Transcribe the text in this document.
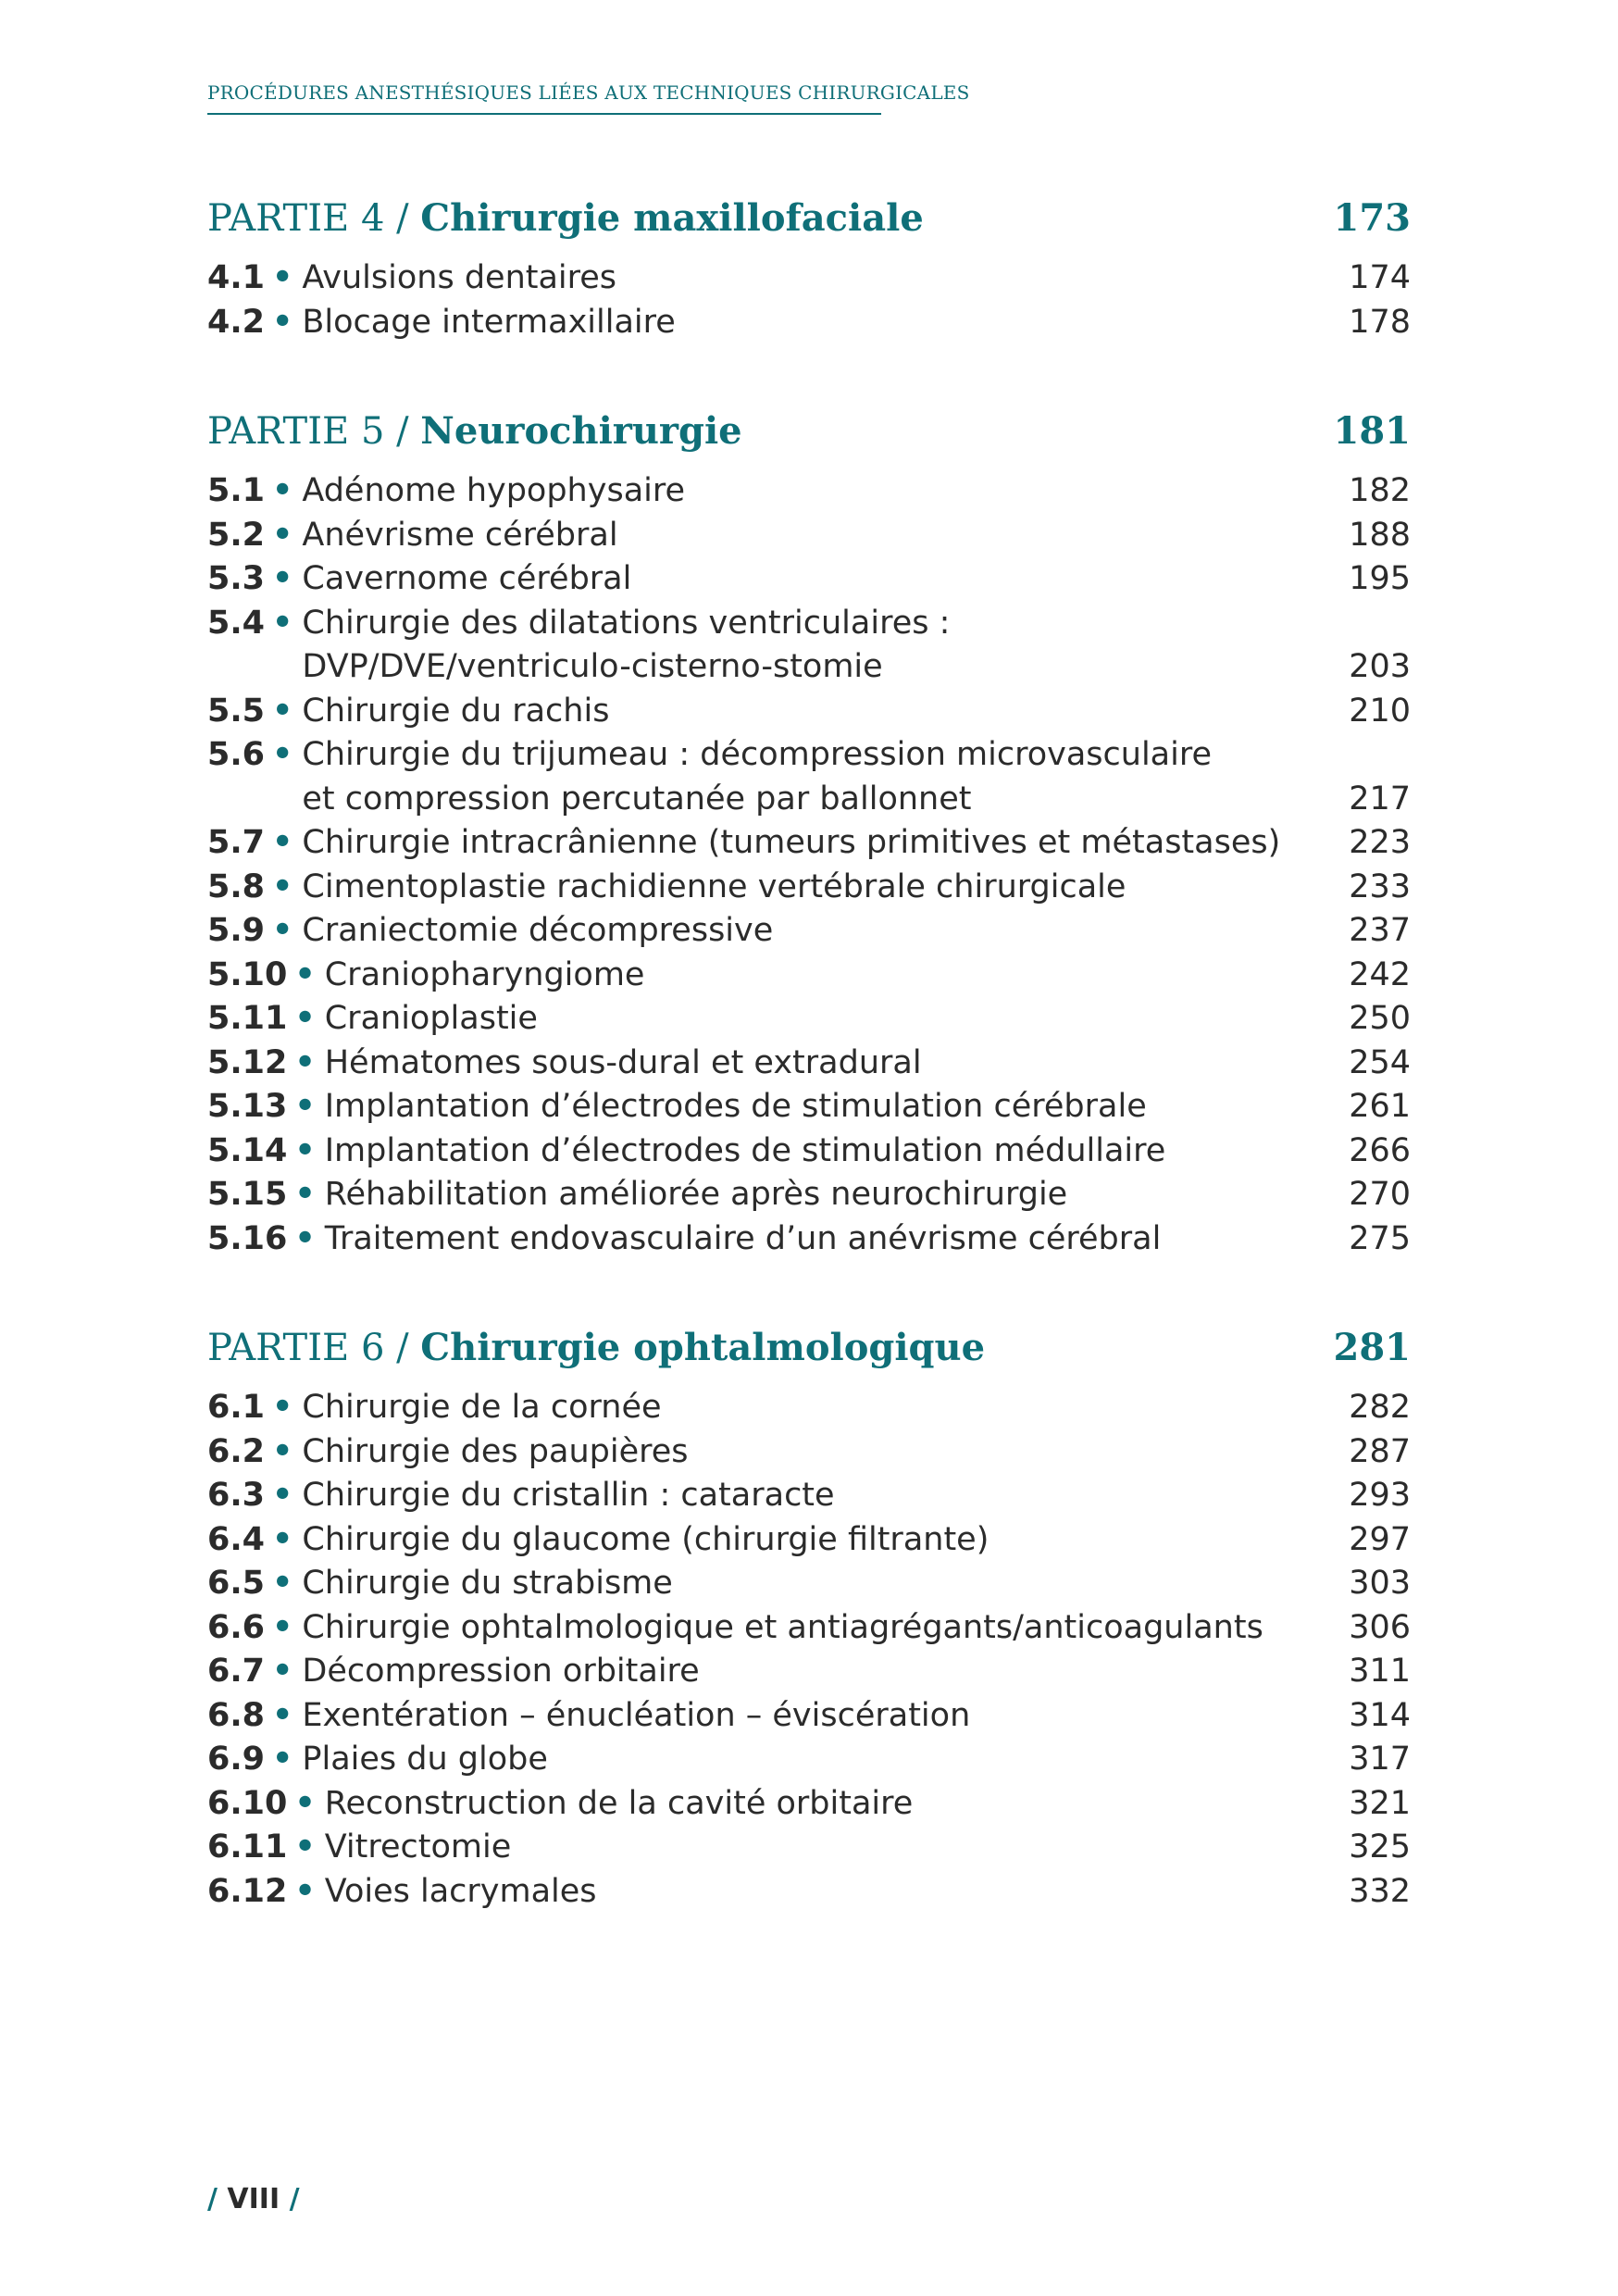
PROCÉDURES ANESTHÉSIQUES LIÉES AUX TECHNIQUES CHIRURGICALES
PARTIE 4 / Chirurgie maxillofaciale	173
4.1 • Avulsions dentaires	174
4.2 • Blocage intermaxillaire	178
PARTIE 5 / Neurochirurgie	181
5.1 • Adénome hypophysaire	182
5.2 • Anévrisme cérébral	188
5.3 • Cavernome cérébral	195
5.4 • Chirurgie des dilatations ventriculaires :
DVP/DVE/ventriculo-cisterno-stomie	203
5.5 • Chirurgie du rachis	210
5.6 • Chirurgie du trijumeau : décompression microvasculaire
et compression percutanée par ballonnet	217
5.7 • Chirurgie intracrânienne (tumeurs primitives et métastases) 223
5.8 • Cimentoplastie rachidienne vertébrale chirurgicale	233
5.9 • Craniectomie décompressive	237
5.10 • Craniopharyngiome	242
5.11 • Cranioplastie	250
5.12 • Hématomes sous-dural et extradural	254
5.13 • Implantation d’électrodes de stimulation cérébrale	261
5.14 • Implantation d’électrodes de stimulation médullaire	266
5.15 • Réhabilitation améliorée après neurochirurgie	270
5.16 • Traitement endovasculaire d’un anévrisme cérébral	275
PARTIE 6 / Chirurgie ophtalmologique	281
6.1 • Chirurgie de la cornée	282
6.2 • Chirurgie des paupières	287
6.3 • Chirurgie du cristallin : cataracte	293
6.4 • Chirurgie du glaucome (chirurgie filtrante)	297
6.5 • Chirurgie du strabisme	303
6.6 • Chirurgie ophtalmologique et antiagrégants/anticoagulants	306
6.7 • Décompression orbitaire	311
6.8 • Exentération – énucléation – éviscération	314
6.9 • Plaies du globe	317
6.10 • Reconstruction de la cavité orbitaire	321
6.11 • Vitrectomie	325
6.12 • Voies lacrymales	332
/ VIII /
